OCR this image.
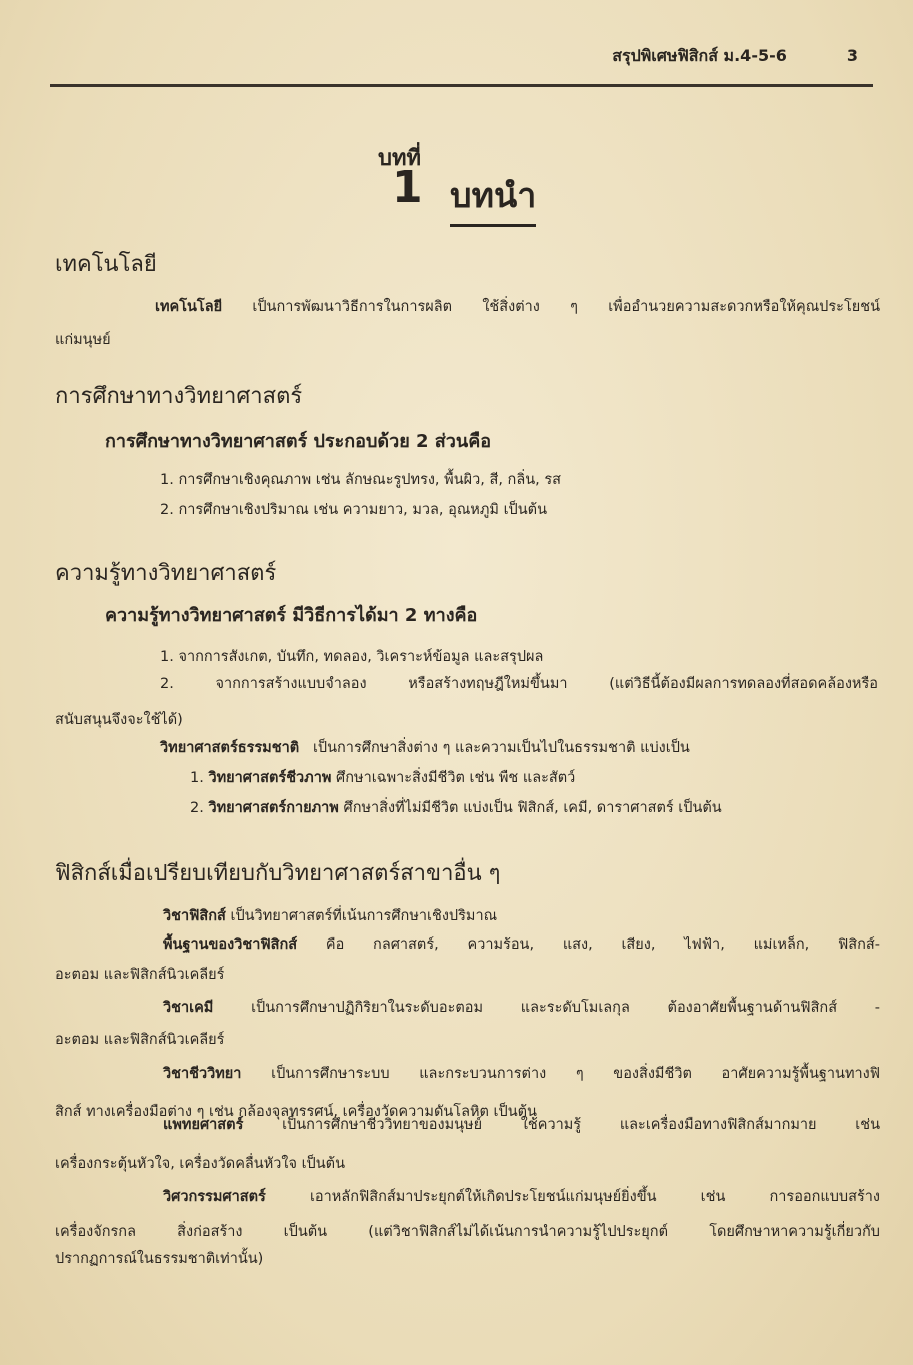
สรุปพิเศษฟิสิกส์ ม.4-5-6	3
บทที่
1 บทนำ
เทคโนโลยี
เทคโนโลยี เป็นการพัฒนาวิธีการในการผลิต ใช้สิ่งต่าง ๆ เพื่ออำนวยความสะดวกหรือให้คุณประโยชน์
แก่มนุษย์
การศึกษาทางวิทยาศาสตร์
การศึกษาทางวิทยาศาสตร์ ประกอบด้วย 2 ส่วนคือ
1. การศึกษาเชิงคุณภาพ เช่น ลักษณะรูปทรง, พื้นผิว, สี, กลิ่น, รส
2. การศึกษาเชิงปริมาณ เช่น ความยาว, มวล, อุณหภูมิ เป็นต้น
ความรู้ทางวิทยาศาสตร์
ความรู้ทางวิทยาศาสตร์ มีวิธีการได้มา 2 ทางคือ
1. จากการสังเกต, บันทึก, ทดลอง, วิเคราะห์ข้อมูล และสรุปผล
2. จากการสร้างแบบจำลอง หรือสร้างทฤษฎีใหม่ขึ้นมา (แต่วิธีนี้ต้องมีผลการทดลองที่สอดคล้องหรือ
สนับสนุนจึงจะใช้ได้)
วิทยาศาสตร์ธรรมชาติ เป็นการศึกษาสิ่งต่าง ๆ และความเป็นไปในธรรมชาติ แบ่งเป็น
1. วิทยาศาสตร์ชีวภาพ ศึกษาเฉพาะสิ่งมีชีวิต เช่น พืช และสัตว์
2. วิทยาศาสตร์กายภาพ ศึกษาสิ่งที่ไม่มีชีวิต แบ่งเป็น ฟิสิกส์, เคมี, ดาราศาสตร์ เป็นต้น
ฟิสิกส์เมื่อเปรียบเทียบกับวิทยาศาสตร์สาขาอื่น ๆ
วิชาฟิสิกส์ เป็นวิทยาศาสตร์ที่เน้นการศึกษาเชิงปริมาณ
พื้นฐานของวิชาฟิสิกส์ คือ กลศาสตร์, ความร้อน, แสง, เสียง, ไฟฟ้า, แม่เหล็ก, ฟิสิกส์-
อะตอม และฟิสิกส์นิวเคลียร์
วิชาเคมี	เป็นการศึกษาปฏิกิริยาในระดับอะตอม และระดับโมเลกุล ต้องอาศัยพื้นฐานด้านฟิสิกส์ -
อะตอม และฟิสิกส์นิวเคลียร์
วิชาชีววิทยา เป็นการศึกษาระบบ และกระบวนการต่าง ๆ ของสิ่งมีชีวิต อาศัยความรู้พื้นฐานทางฟิ
สิกส์ ทางเครื่องมือต่าง ๆ เช่น กล้องจุลทรรศน์, เครื่องวัดความดันโลหิต เป็นต้น
แพทยศาสตร์	เป็นการศึกษาชีววิทยาของมนุษย์ ใช้ความรู้ และเครื่องมือทางฟิสิกส์มากมาย เช่น
เครื่องกระตุ้นหัวใจ, เครื่องวัดคลื่นหัวใจ เป็นต้น
วิศวกรรมศาสตร์	เอาหลักฟิสิกส์มาประยุกต์ให้เกิดประโยชน์แก่มนุษย์ยิ่งขึ้น เช่น การออกแบบสร้าง
เครื่องจักรกล สิ่งก่อสร้าง เป็นต้น (แต่วิชาฟิสิกส์ไม่ได้เน้นการนำความรู้ไปประยุกต์ โดยศึกษาหาความรู้เกี่ยวกับ
ปรากฏการณ์ในธรรมชาติเท่านั้น)
